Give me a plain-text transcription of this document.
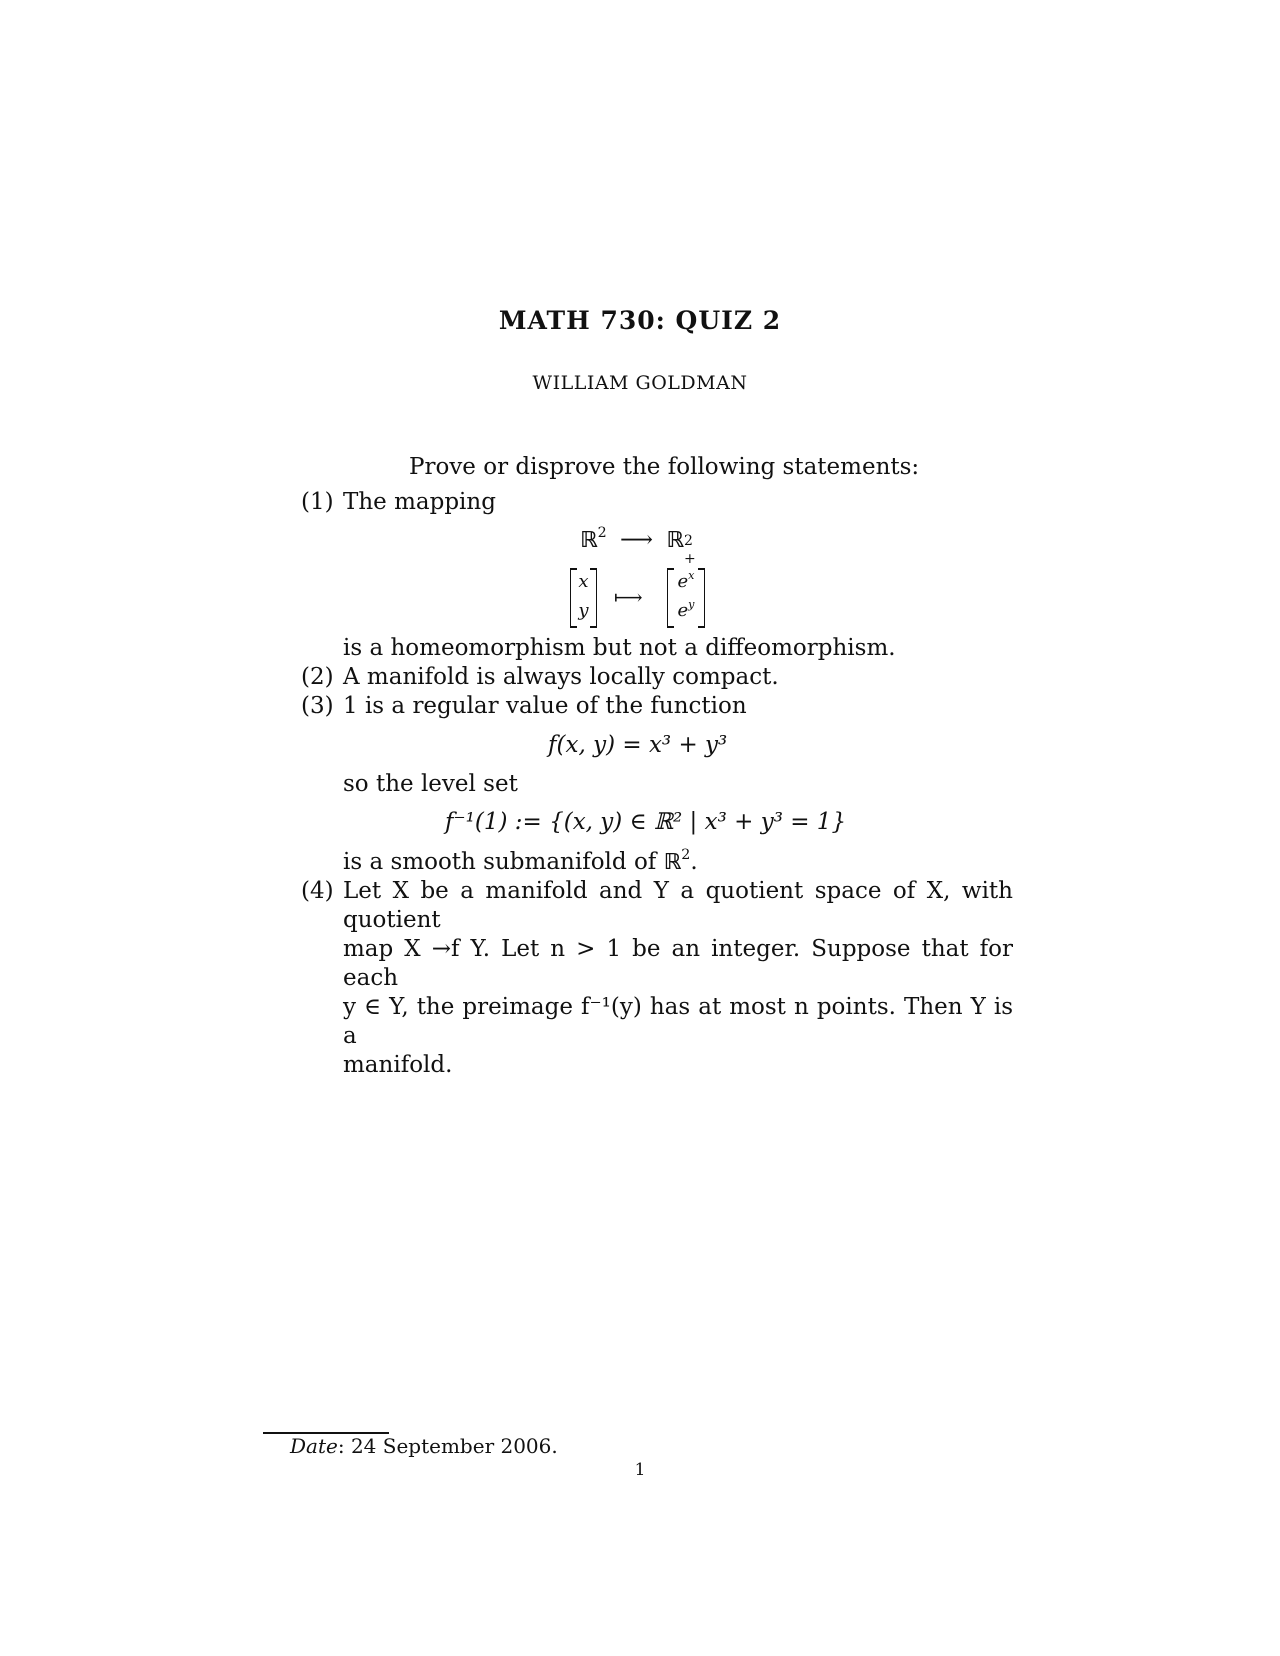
MATH 730: QUIZ 2
WILLIAM GOLDMAN
Prove or disprove the following statements:
(1) The mapping
ℝ$^2$ ⟶ ℝ 2
+
x
y
⟼
$e^x$
$e^y$
is a homeomorphism but not a diffeomorphism.
(2) A manifold is always locally compact.
(3) 1 is a regular value of the function
f(x, y) = x³ + y³
so the level set
f⁻¹(1) := {(x, y) ∈ ℝ² | x³ + y³ = 1}
is a smooth submanifold of ℝ$^2$.
(4) Let X be a manifold and Y a quotient space of X, with quotient
map X →f Y. Let n > 1 be an integer. Suppose that for each
y ∈ Y, the preimage f⁻¹(y) has at most n points. Then Y is a
manifold.
Date: 24 September 2006.
1
